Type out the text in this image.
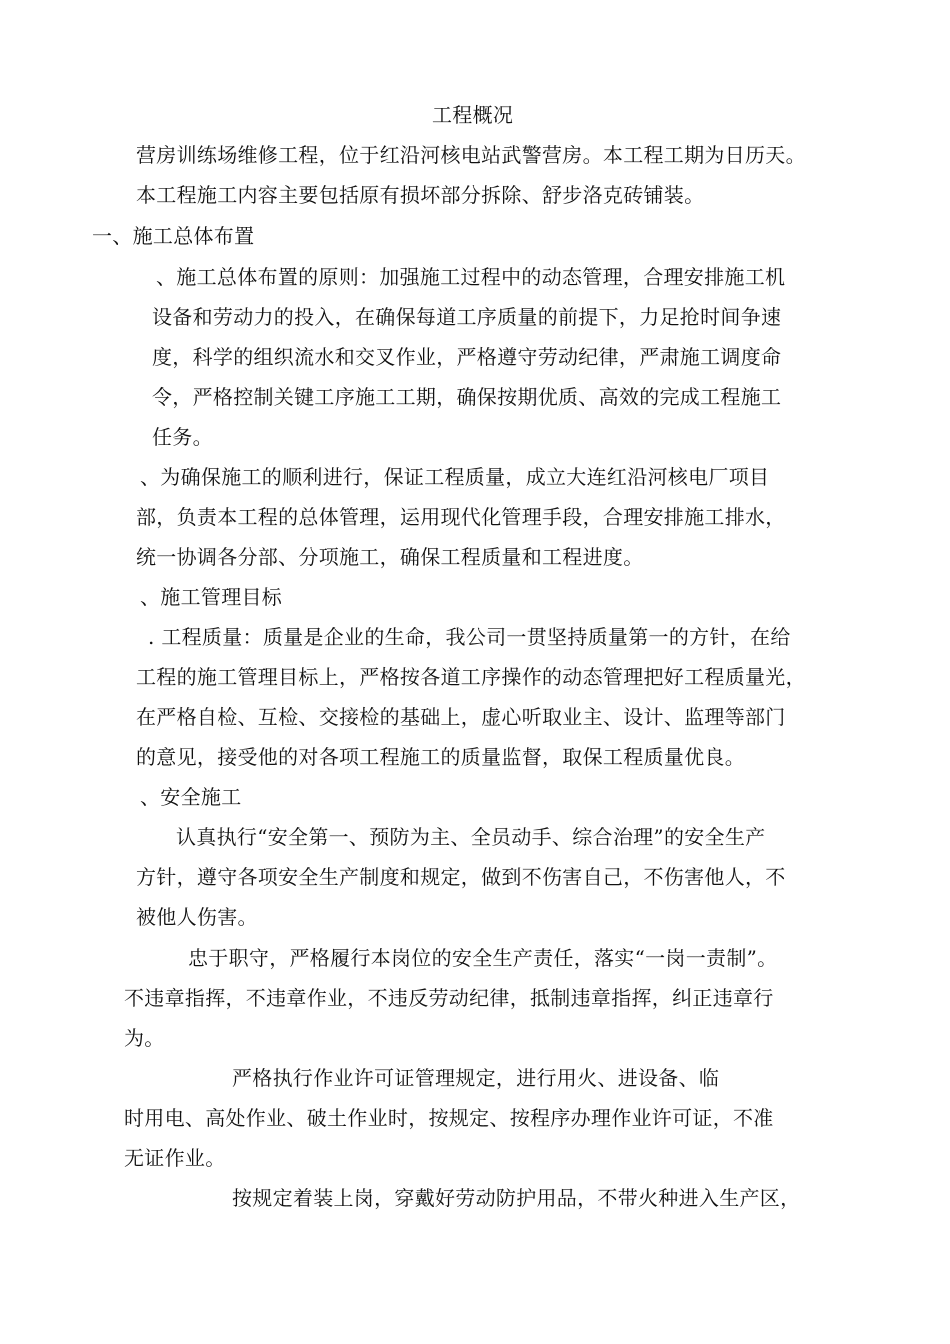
工程概况
营房训练场维修工程，位于红沿河核电站武警营房。本工程工期为日历天。
本工程施工内容主要包括原有损坏部分拆除、舒步洛克砖铺装。
一、施工总体布置
、施工总体布置的原则：加强施工过程中的动态管理，合理安排施工机
设备和劳动力的投入，在确保每道工序质量的前提下，力足抢时间争速
度，科学的组织流水和交叉作业，严格遵守劳动纪律，严肃施工调度命
令，严格控制关键工序施工工期，确保按期优质、高效的完成工程施工
任务。
、为确保施工的顺利进行，保证工程质量，成立大连红沿河核电厂项目
部，负责本工程的总体管理，运用现代化管理手段，合理安排施工排水，
统一协调各分部、分项施工，确保工程质量和工程进度。
、施工管理目标
. 工程质量：质量是企业的生命，我公司一贯坚持质量第一的方针，在给
工程的施工管理目标上，严格按各道工序操作的动态管理把好工程质量光，
在严格自检、互检、交接检的基础上，虚心听取业主、设计、监理等部门
的意见，接受他的对各项工程施工的质量监督，取保工程质量优良。
、安全施工
认真执行“安全第一、预防为主、全员动手、综合治理”的安全生产
方针，遵守各项安全生产制度和规定，做到不伤害自己，不伤害他人，不
被他人伤害。
忠于职守，严格履行本岗位的安全生产责任，落实“一岗一责制”。
不违章指挥，不违章作业，不违反劳动纪律，抵制违章指挥，纠正违章行
为。
严格执行作业许可证管理规定，进行用火、进设备、临
时用电、高处作业、破土作业时，按规定、按程序办理作业许可证，不准
无证作业。
按规定着装上岗，穿戴好劳动防护用品，不带火种进入生产区，
